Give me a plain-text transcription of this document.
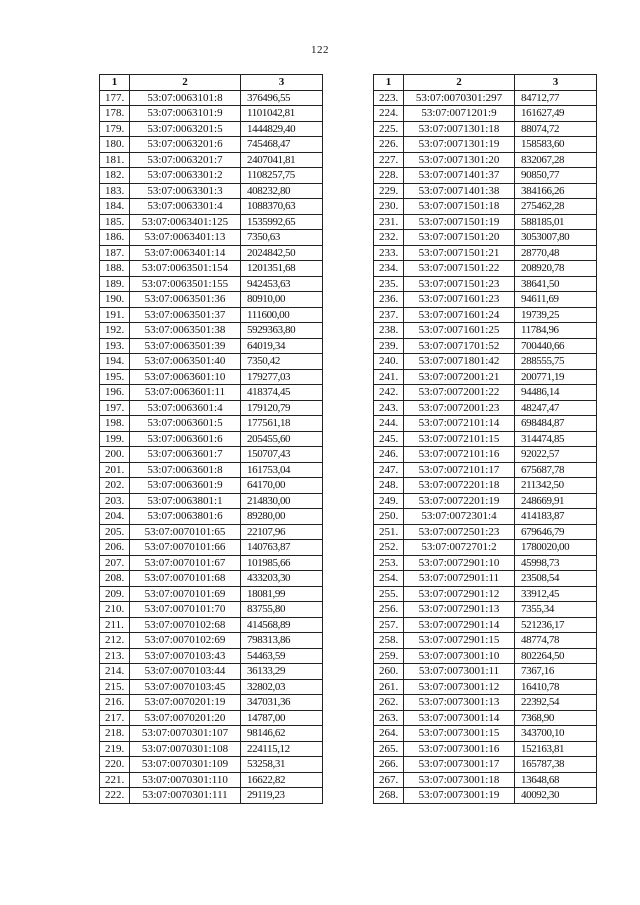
122
1	2	3
177.	53:07:0063101:8	376496,55
178.	53:07:0063101:9	1101042,81
179.	53:07:0063201:5	1444829,40
180.	53:07:0063201:6	745468,47
181.	53:07:0063201:7	2407041,81
182.	53:07:0063301:2	1108257,75
183.	53:07:0063301:3	408232,80
184.	53:07:0063301:4	1088370,63
185.	53:07:0063401:125	1535992,65
186.	53:07:0063401:13	7350,63
187.	53:07:0063401:14	2024842,50
188.	53:07:0063501:154	1201351,68
189.	53:07:0063501:155	942453,63
190.	53:07:0063501:36	80910,00
191.	53:07:0063501:37	111600,00
192.	53:07:0063501:38	5929363,80
193.	53:07:0063501:39	64019,34
194.	53:07:0063501:40	7350,42
195.	53:07:0063601:10	179277,03
196.	53:07:0063601:11	418374,45
197.	53:07:0063601:4	179120,79
198.	53:07:0063601:5	177561,18
199.	53:07:0063601:6	205455,60
200.	53:07:0063601:7	150707,43
201.	53:07:0063601:8	161753,04
202.	53:07:0063601:9	64170,00
203.	53:07:0063801:1	214830,00
204.	53:07:0063801:6	89280,00
205.	53:07:0070101:65	22107,96
206.	53:07:0070101:66	140763,87
207.	53:07:0070101:67	101985,66
208.	53:07:0070101:68	433203,30
209.	53:07:0070101:69	18081,99
210.	53:07:0070101:70	83755,80
211.	53:07:0070102:68	414568,89
212.	53:07:0070102:69	798313,86
213.	53:07:0070103:43	54463,59
214.	53:07:0070103:44	36133,29
215.	53:07:0070103:45	32802,03
216.	53:07:0070201:19	347031,36
217.	53:07:0070201:20	14787,00
218.	53:07:0070301:107	98146,62
219.	53:07:0070301:108	224115,12
220.	53:07:0070301:109	53258,31
221.	53:07:0070301:110	16622,82
222.	53:07:0070301:111	29119,23
1	2	3
223.	53:07:0070301:297	84712,77
224.	53:07:0071201:9	161627,49
225.	53:07:0071301:18	88074,72
226.	53:07:0071301:19	158583,60
227.	53:07:0071301:20	832067,28
228.	53:07:0071401:37	90850,77
229.	53:07:0071401:38	384166,26
230.	53:07:0071501:18	275462,28
231.	53:07:0071501:19	588185,01
232.	53:07:0071501:20	3053007,80
233.	53:07:0071501:21	28770,48
234.	53:07:0071501:22	208920,78
235.	53:07:0071501:23	38641,50
236.	53:07:0071601:23	94611,69
237.	53:07:0071601:24	19739,25
238.	53:07:0071601:25	11784,96
239.	53:07:0071701:52	700440,66
240.	53:07:0071801:42	288555,75
241.	53:07:0072001:21	200771,19
242.	53:07:0072001:22	94486,14
243.	53:07:0072001:23	48247,47
244.	53:07:0072101:14	698484,87
245.	53:07:0072101:15	314474,85
246.	53:07:0072101:16	92022,57
247.	53:07:0072101:17	675687,78
248.	53:07:0072201:18	211342,50
249.	53:07:0072201:19	248669,91
250.	53:07:0072301:4	414183,87
251.	53:07:0072501:23	679646,79
252.	53:07:0072701:2	1780020,00
253.	53:07:0072901:10	45998,73
254.	53:07:0072901:11	23508,54
255.	53:07:0072901:12	33912,45
256.	53:07:0072901:13	7355,34
257.	53:07:0072901:14	521236,17
258.	53:07:0072901:15	48774,78
259.	53:07:0073001:10	802264,50
260.	53:07:0073001:11	7367,16
261.	53:07:0073001:12	16410,78
262.	53:07:0073001:13	22392,54
263.	53:07:0073001:14	7368,90
264.	53:07:0073001:15	343700,10
265.	53:07:0073001:16	152163,81
266.	53:07:0073001:17	165787,38
267.	53:07:0073001:18	13648,68
268.	53:07:0073001:19	40092,30
